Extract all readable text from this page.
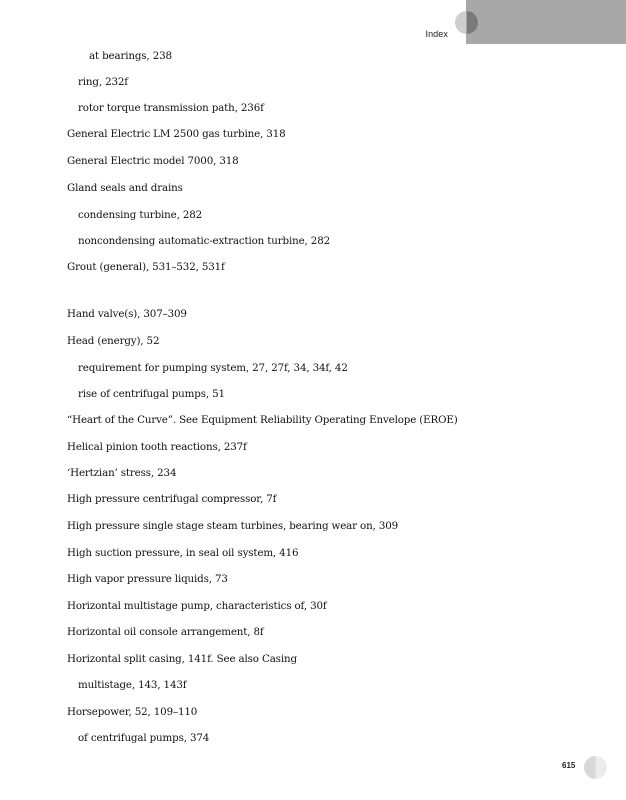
Index
at bearings, 238
ring, 232f
rotor torque transmission path, 236f
General Electric LM 2500 gas turbine, 318
General Electric model 7000, 318
Gland seals and drains
condensing turbine, 282
noncondensing automatic-extraction turbine, 282
Grout (general), 531–532, 531f
Hand valve(s), 307–309
Head (energy), 52
requirement for pumping system, 27, 27f, 34, 34f, 42
rise of centrifugal pumps, 51
“Heart of the Curve”. See Equipment Reliability Operating Envelope (EROE)
Helical pinion tooth reactions, 237f
‘Hertzian’ stress, 234
High pressure centrifugal compressor, 7f
High pressure single stage steam turbines, bearing wear on, 309
High suction pressure, in seal oil system, 416
High vapor pressure liquids, 73
Horizontal multistage pump, characteristics of, 30f
Horizontal oil console arrangement, 8f
Horizontal split casing, 141f. See also Casing
multistage, 143, 143f
Horsepower, 52, 109–110
of centrifugal pumps, 374
615
